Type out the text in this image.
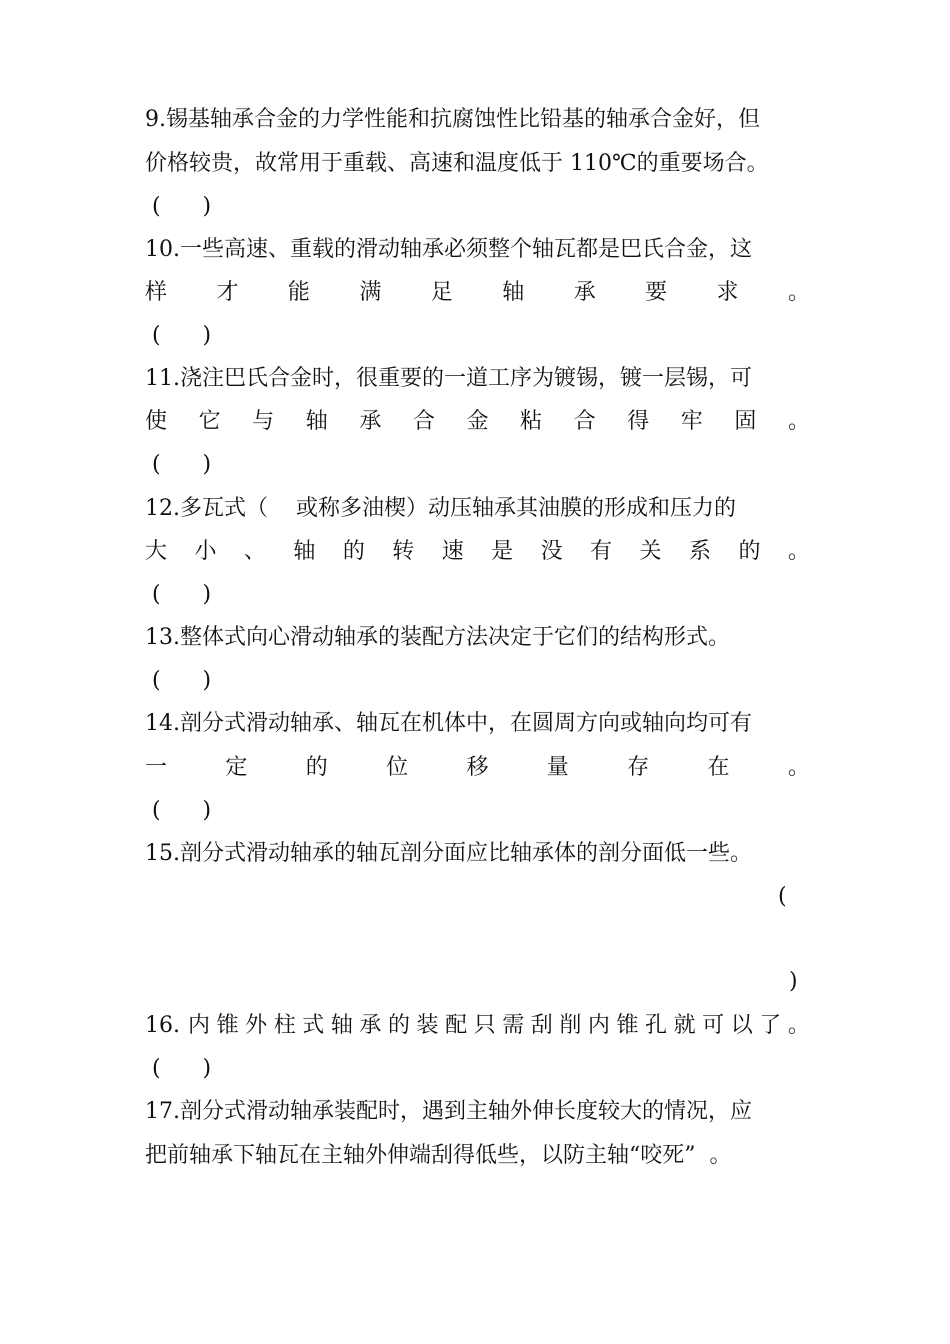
9.锡基轴承合金的力学性能和抗腐蚀性比铅基的轴承合金好，但
价格较贵，故常用于重载、高速和温度低于 110℃的重要场合。
(      )
10.一些高速、重载的滑动轴承必须整个轴瓦都是巴氏合金，这
样 才 能 满 足 轴 承 要 求 。
(      )
11.浇注巴氏合金时，很重要的一道工序为镀锡，镀一层锡，可
使 它 与 轴 承 合 金 粘 合 得 牢 固 。
(      )
12.多瓦式（    或称多油楔）动压轴承其油膜的形成和压力的
大 小 、 轴 的 转 速 是 没 有 关 系 的 。
(      )
13.整体式向心滑动轴承的装配方法决定于它们的结构形式。
(      )
14.剖分式滑动轴承、轴瓦在机体中，在圆周方向或轴向均可有
一	定	的	位	移	量	存	在	。
(      )
15.剖分式滑动轴承的轴瓦剖分面应比轴承体的剖分面低一些。
(
)
16. 内 锥 外 柱 式 轴 承 的 装 配 只 需 刮 削 内 锥 孔 就 可 以 了 。
(      )
17.剖分式滑动轴承装配时，遇到主轴外伸长度较大的情况，应
把前轴承下轴瓦在主轴外伸端刮得低些，以防主轴“咬死”  。
